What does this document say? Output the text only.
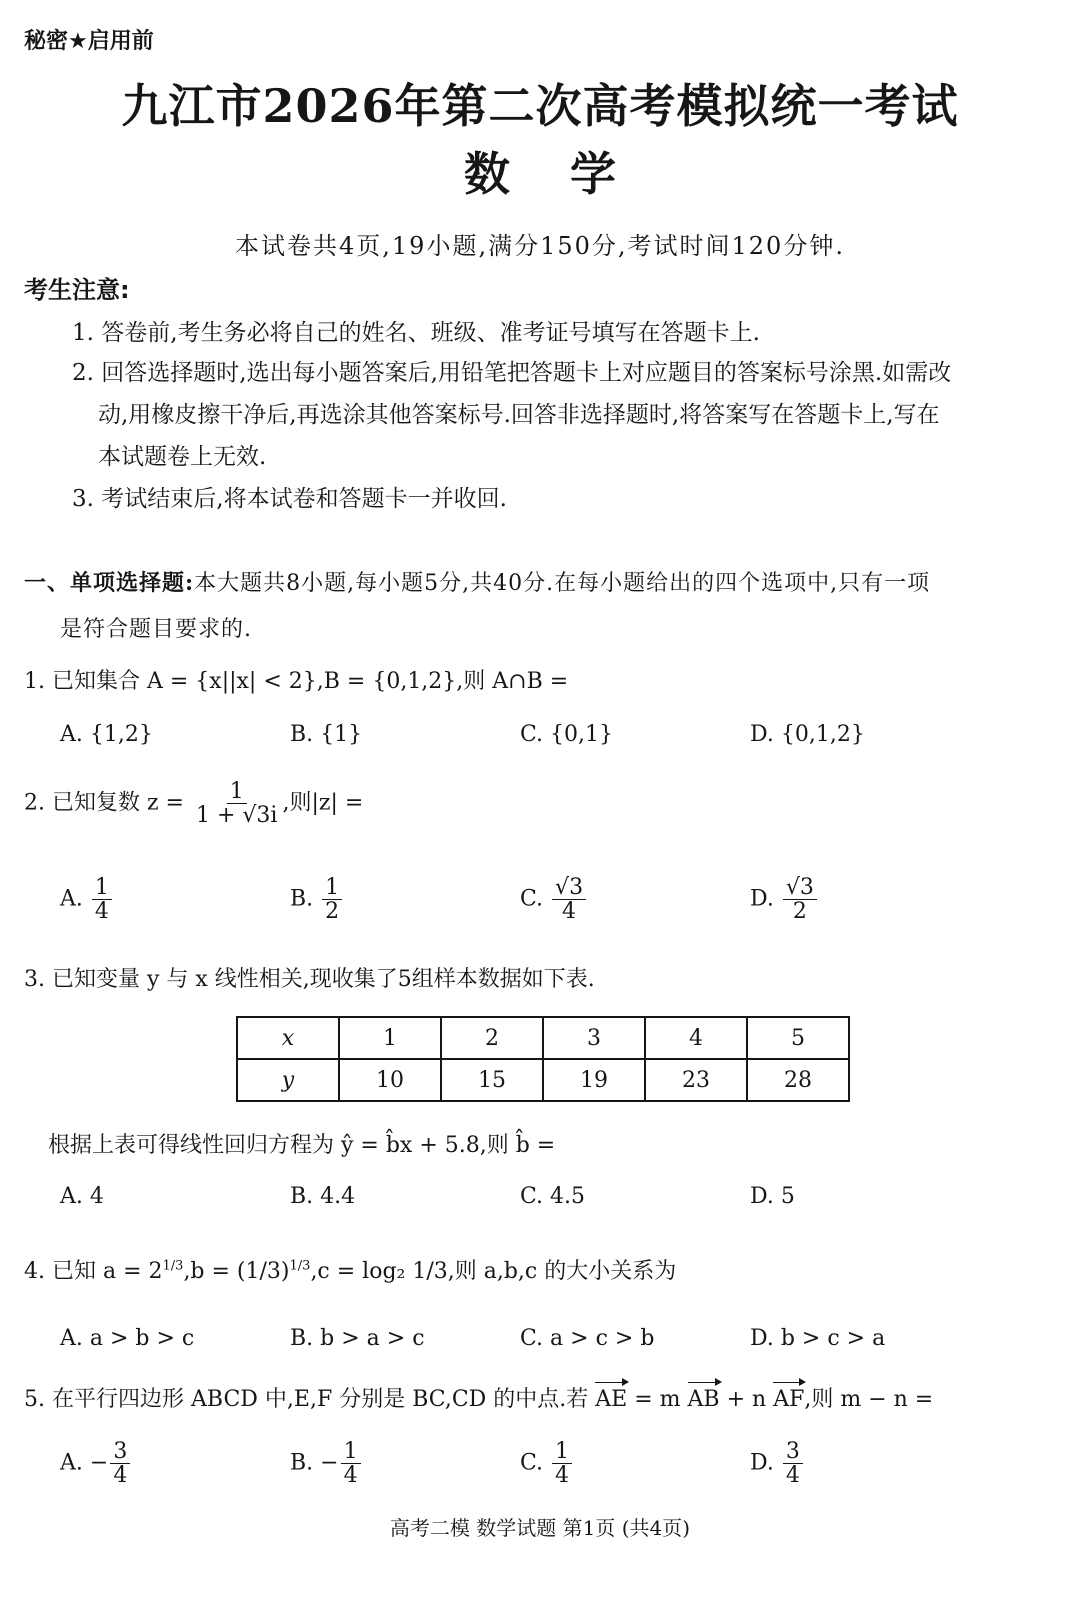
秘密★启用前
九江市2026年第二次高考模拟统一考试
数学
本试卷共4页,19小题,满分150分,考试时间120分钟.
考生注意:
1. 答卷前,考生务必将自己的姓名、班级、准考证号填写在答题卡上.
2. 回答选择题时,选出每小题答案后,用铅笔把答题卡上对应题目的答案标号涂黑.如需改
动,用橡皮擦干净后,再选涂其他答案标号.回答非选择题时,将答案写在答题卡上,写在
本试题卷上无效.
3. 考试结束后,将本试卷和答题卡一并收回.
一、单项选择题:本大题共8小题,每小题5分,共40分.在每小题给出的四个选项中,只有一项
是符合题目要求的.
1. 已知集合 A = {x||x| < 2},B = {0,1,2},则 A∩B =
A. {1,2}	B. {1}	C. {0,1}	D. {0,1,2}
2. 已知复数 $z = \frac{1}{1 + √3i}$ ,则|z| =
A. $\frac{1}{4}$	B. $\frac{1}{2}$	C. $\frac{√3}{4}$	D. $\frac{√3}{2}$
3. 已知变量 y 与 x 线性相关,现收集了5组样本数据如下表.
x	1	2	3	4	5
y	10	15	19	23	28
根据上表可得线性回归方程为 ŷ = b̂x + 5.8,则 b̂ =
A. 4	B. 4.4	C. 4.5	D. 5
4. 已知 $a = 2^{1/3},b = (1/3)^{1/3},c = \log_2$ 1/3,则 a,b,c 的大小关系为
A. a > b > c	B. b > a > c	C. a > c > b	D. b > c > a
5. 在平行四边形 ABCD 中,E,F 分别是 BC,CD 的中点.若 AE = m AB + n AF,则 m − n =
A. − $\frac{3}{4}$	B. − $\frac{1}{4}$	C. $\frac{1}{4}$	D. $\frac{3}{4}$
高考二模 数学试题 第1页 (共4页)
